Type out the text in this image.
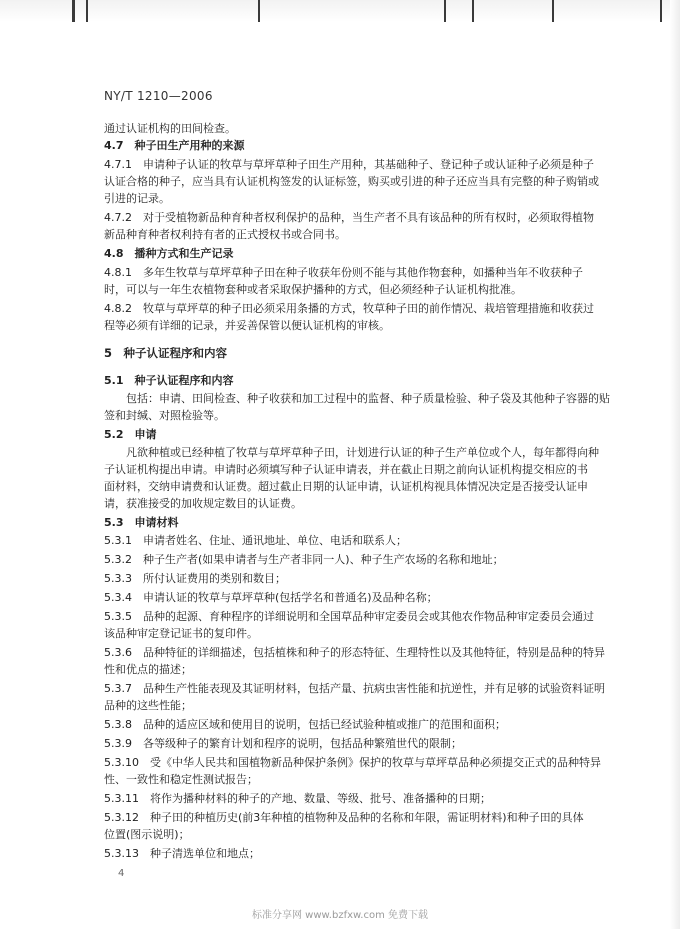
NY/T 1210—2006

通过认证机构的田间检查。

4.7　种子田生产用种的来源

4.7.1　申请种子认证的牧草与草坪草种子田生产用种，其基础种子、登记种子或认证种子必须是种子

认证合格的种子，应当具有认证机构签发的认证标签，购买或引进的种子还应当具有完整的种子购销或

引进的记录。

4.7.2　对于受植物新品种育种者权利保护的品种，当生产者不具有该品种的所有权时，必须取得植物

新品种育种者权利持有者的正式授权书或合同书。

4.8　播种方式和生产记录

4.8.1　多年生牧草与草坪草种子田在种子收获年份则不能与其他作物套种，如播种当年不收获种子

时，可以与一年生农植物套种或者采取保护播种的方式，但必须经种子认证机构批准。

4.8.2　牧草与草坪草的种子田必须采用条播的方式，牧草种子田的前作情况、栽培管理措施和收获过

程等必须有详细的记录，并妥善保管以便认证机构的审核。

5　种子认证程序和内容

5.1　种子认证程序和内容

包括：申请、田间检查、种子收获和加工过程中的监督、种子质量检验、种子袋及其他种子容器的贴

签和封缄、对照检验等。

5.2　申请

凡欲种植或已经种植了牧草与草坪草种子田，计划进行认证的种子生产单位或个人，每年都得向种

子认证机构提出申请。申请时必须填写种子认证申请表，并在截止日期之前向认证机构提交相应的书

面材料，交纳申请费和认证费。超过截止日期的认证申请，认证机构视具体情况决定是否接受认证申

请，获准接受的加收规定数目的认证费。

5.3　申请材料

5.3.1　申请者姓名、住址、通讯地址、单位、电话和联系人；

5.3.2　种子生产者(如果申请者与生产者非同一人)、种子生产农场的名称和地址；

5.3.3　所付认证费用的类别和数目；

5.3.4　申请认证的牧草与草坪草种(包括学名和普通名)及品种名称；

5.3.5　品种的起源、育种程序的详细说明和全国草品种审定委员会或其他农作物品种审定委员会通过

该品种审定登记证书的复印件。

5.3.6　品种特征的详细描述，包括植株和种子的形态特征、生理特性以及其他特征，特别是品种的特异

性和优点的描述；

5.3.7　品种生产性能表现及其证明材料，包括产量、抗病虫害性能和抗逆性，并有足够的试验资料证明

品种的这些性能；

5.3.8　品种的适应区域和使用目的说明，包括已经试验种植或推广的范围和面积；

5.3.9　各等级种子的繁育计划和程序的说明，包括品种繁殖世代的限制；

5.3.10　受《中华人民共和国植物新品种保护条例》保护的牧草与草坪草品种必须提交正式的品种特异

性、一致性和稳定性测试报告；

5.3.11　将作为播种材料的种子的产地、数量、等级、批号、准备播种的日期；

5.3.12　种子田的种植历史(前3年种植的植物种及品种的名称和年限，需证明材料)和种子田的具体

位置(图示说明)；

5.3.13　种子清选单位和地点；

4
标准分享网 www.bzfxw.com 免费下载
